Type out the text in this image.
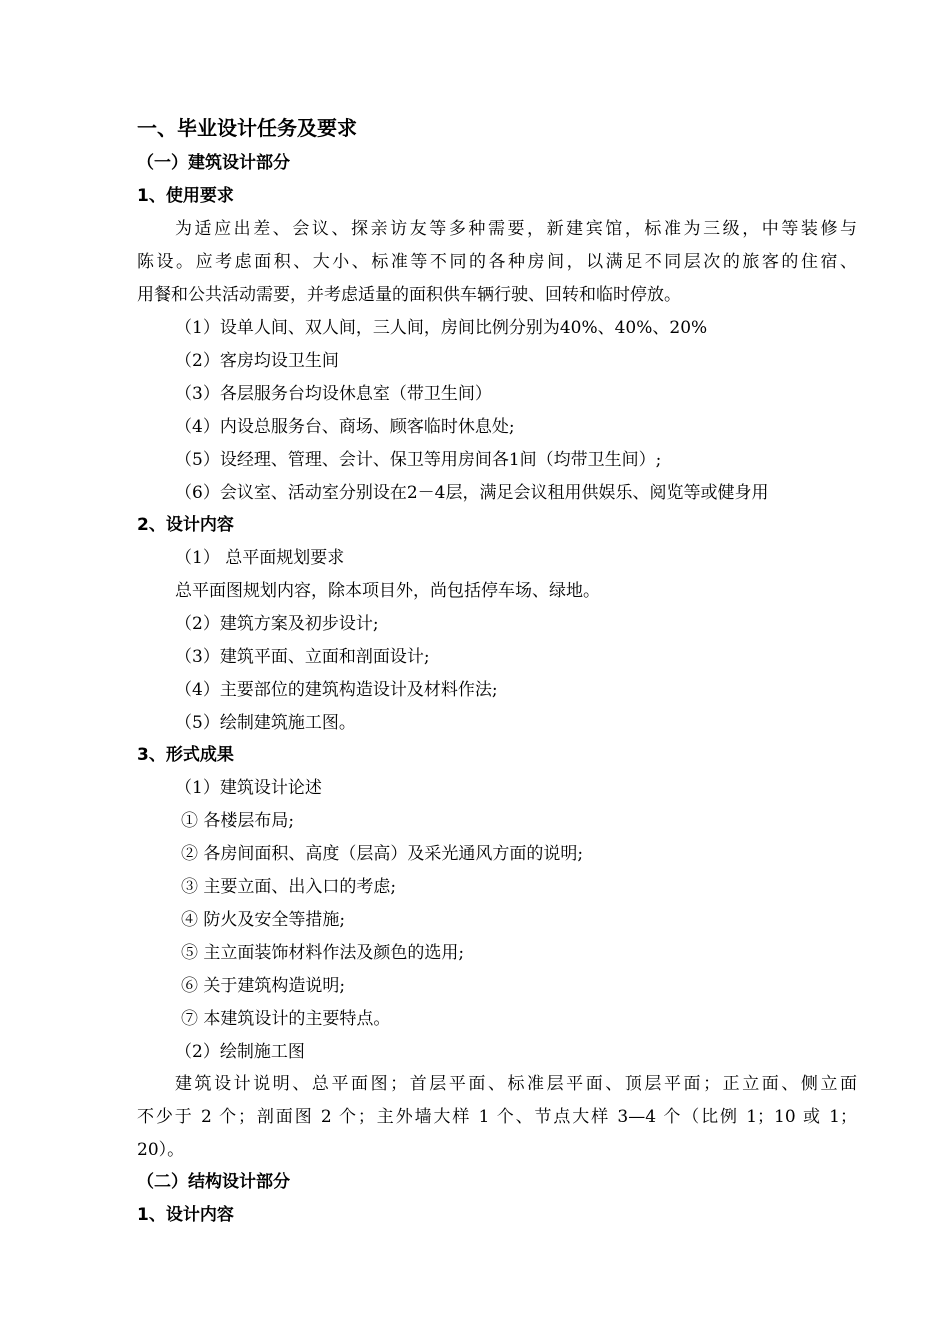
一、毕业设计任务及要求
（一）建筑设计部分
1、使用要求
为适应出差、会议、探亲访友等多种需要，新建宾馆，标准为三级，中等装修与
陈设。应考虑面积、大小、标准等不同的各种房间，以满足不同层次的旅客的住宿、
用餐和公共活动需要，并考虑适量的面积供车辆行驶、回转和临时停放。
（1）设单人间、双人间，三人间，房间比例分别为40%、40%、20%
（2）客房均设卫生间
（3）各层服务台均设休息室（带卫生间）
（4）内设总服务台、商场、顾客临时休息处;
（5）设经理、管理、会计、保卫等用房间各1间（均带卫生间）;
（6）会议室、活动室分别设在2－4层，满足会议租用供娱乐、阅览等或健身用
2、设计内容
（1） 总平面规划要求
总平面图规划内容，除本项目外，尚包括停车场、绿地。
（2）建筑方案及初步设计;
（3）建筑平面、立面和剖面设计;
（4）主要部位的建筑构造设计及材料作法;
（5）绘制建筑施工图。
3、形式成果
（1）建筑设计论述
① 各楼层布局;
② 各房间面积、高度（层高）及采光通风方面的说明;
③ 主要立面、出入口的考虑;
④ 防火及安全等措施;
⑤ 主立面装饰材料作法及颜色的选用;
⑥ 关于建筑构造说明;
⑦ 本建筑设计的主要特点。
（2）绘制施工图
建筑设计说明、总平面图；首层平面、标准层平面、顶层平面；正立面、侧立面
不少于 2 个；剖面图 2 个；主外墙大样 1 个、节点大样 3—4 个（比例 1；10 或 1；
20）。
（二）结构设计部分
1、设计内容
